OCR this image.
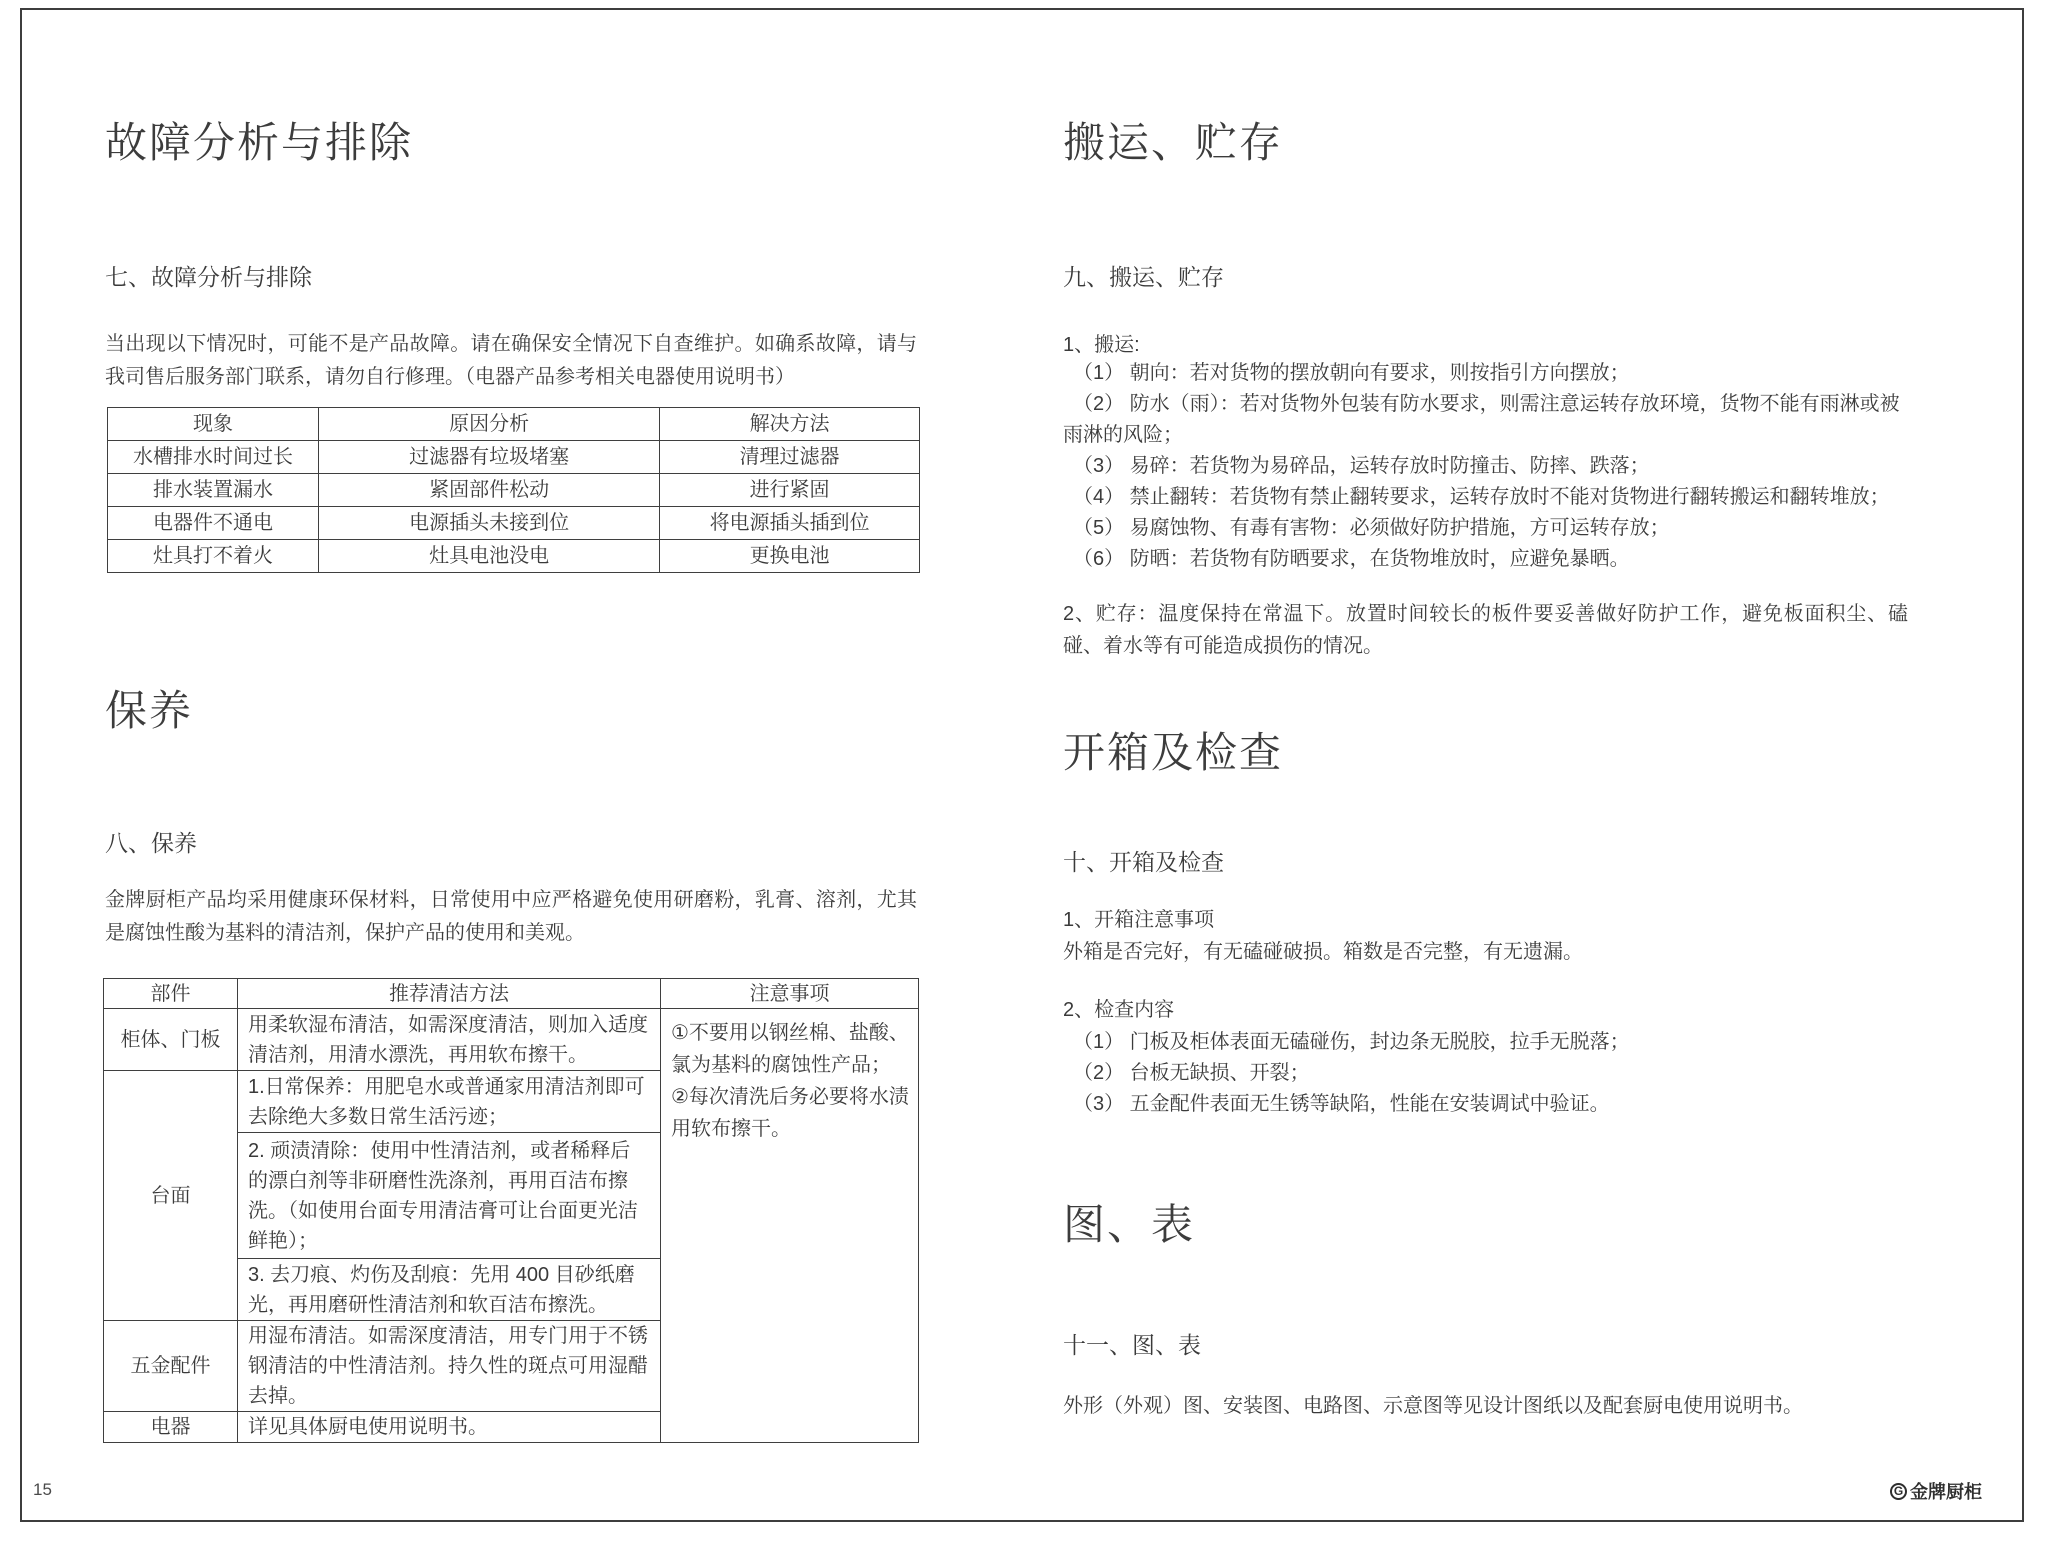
故障分析与排除
七、故障分析与排除
当出现以下情况时，可能不是产品故障。请在确保安全情况下自查维护。如确系故障，请与我司售后服务部门联系，请勿自行修理。（电器产品参考相关电器使用说明书）
现象	原因分析	解决方法
水槽排水时间过长	过滤器有垃圾堵塞	清理过滤器
排水装置漏水	紧固部件松动	进行紧固
电器件不通电	电源插头未接到位	将电源插头插到位
灶具打不着火	灶具电池没电	更换电池
保养
八、保养
金牌厨柜产品均采用健康环保材料，日常使用中应严格避免使用研磨粉，乳膏、溶剂，尤其是腐蚀性酸为基料的清洁剂，保护产品的使用和美观。
部件	推荐清洁方法	注意事项
柜体、门板	用柔软湿布清洁，如需深度清洁，则加入适度清洁剂，用清水漂洗，再用软布擦干。	①不要用以钢丝棉、盐酸、氯为基料的腐蚀性产品；
②每次清洗后务必要将水渍用软布擦干。

台面	1.日常保养：用肥皂水或普通家用清洁剂即可去除绝大多数日常生活污迹；	
	2. 顽渍清除：使用中性清洁剂，或者稀释后的漂白剂等非研磨性洗涤剂，再用百洁布擦洗。（如使用台面专用清洁膏可让台面更光洁鲜艳）；	
	3. 去刀痕、灼伤及刮痕：先用 400 目砂纸磨光，再用磨研性清洁剂和软百洁布擦洗。	
五金配件	用湿布清洁。如需深度清洁，用专门用于不锈钢清洁的中性清洁剂。持久性的斑点可用湿醋去掉。	
电器	详见具体厨电使用说明书。	
搬运、贮存
九、搬运、贮存
1、搬运:
（1） 朝向：若对货物的摆放朝向有要求，则按指引方向摆放；
（2） 防水（雨）：若对货物外包装有防水要求，则需注意运转存放环境，货物不能有雨淋或被雨淋的风险；
（3） 易碎：若货物为易碎品，运转存放时防撞击、防摔、跌落；
（4） 禁止翻转：若货物有禁止翻转要求，运转存放时不能对货物进行翻转搬运和翻转堆放；
（5） 易腐蚀物、有毒有害物：必须做好防护措施，方可运转存放；
（6） 防晒：若货物有防晒要求，在货物堆放时，应避免暴晒。
2、贮存：温度保持在常温下。放置时间较长的板件要妥善做好防护工作，避免板面积尘、磕碰、着水等有可能造成损伤的情况。
开箱及检查
十、开箱及检查
1、开箱注意事项
外箱是否完好，有无磕碰破损。箱数是否完整，有无遗漏。
2、检查内容
（1） 门板及柜体表面无磕碰伤，封边条无脱胶，拉手无脱落；
（2） 台板无缺损、开裂；
（3） 五金配件表面无生锈等缺陷，性能在安装调试中验证。
图、表
十一、图、表
外形（外观）图、安装图、电路图、示意图等见设计图纸以及配套厨电使用说明书。
15	G 金牌厨柜
